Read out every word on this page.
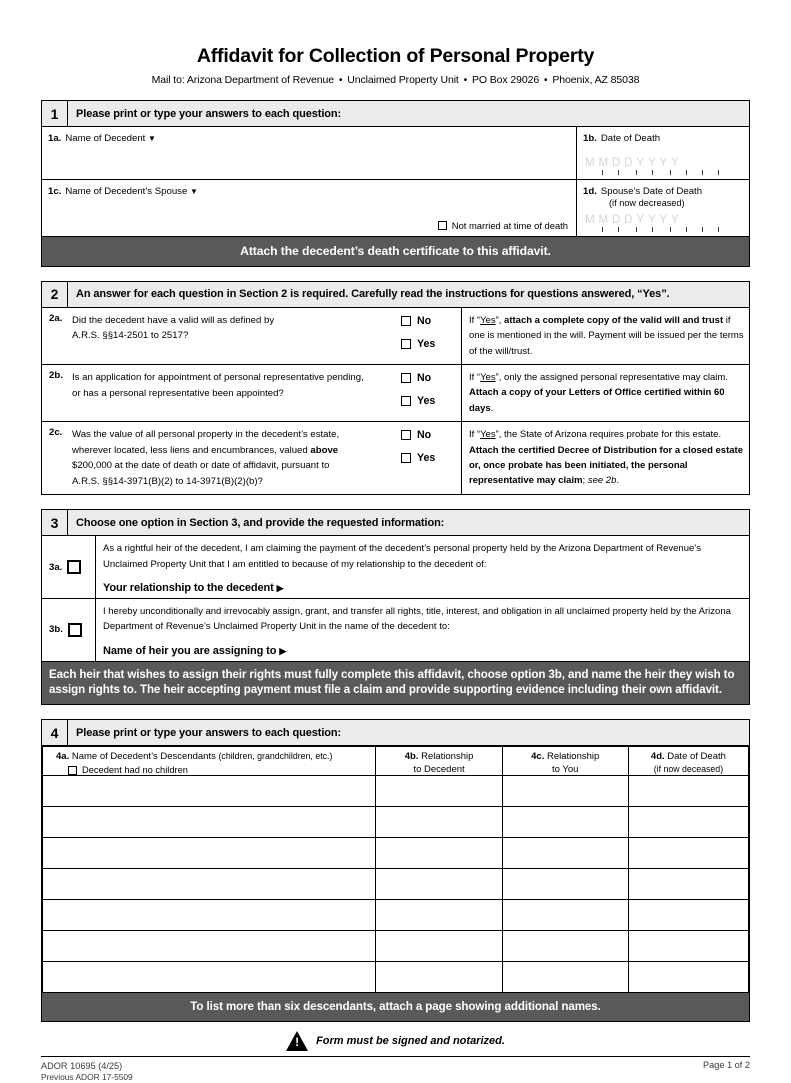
Affidavit for Collection of Personal Property
Mail to: Arizona Department of Revenue • Unclaimed Property Unit • PO Box 29026 • Phoenix, AZ 85038
1	Please print or type your answers to each question:
1a. Name of Decedent ▼	1b. Date of Death
MMDDYYYY
1c. Name of Decedent’s Spouse ▼
Not married at time of death
1d. Spouse’s Date of Death
(if now decreased)
MMDDYYYY
Attach the decedent’s death certificate to this affidavit.
2	An answer for each question in Section 2 is required. Carefully read the instructions for questions answered, “Yes”.
2a.	Did the decedent have a valid will as defined by
A.R.S. §§14-2501 to 2517?
No
Yes
If “Yes”, attach a complete copy of the valid will and trust if one is mentioned in the will. Payment will be issued per the terms of the will/trust.
2b. Is an application for appointment of personal representative pending,
or has a personal representative been appointed?
No
Yes
If “Yes”, only the assigned personal representative may claim. Attach a copy of your Letters of Office certified within 60 days.
2c.	Was the value of all personal property in the decedent’s estate,
wherever located, less liens and encumbrances, valued above
$200,000 at the date of death or date of affidavit, pursuant to
A.R.S. §§14-3971(B)(2) to 14-3971(B)(2)(b)?
No
Yes
If “Yes”, the State of Arizona requires probate for this estate. Attach the certified Decree of Distribution for a closed estate or, once probate has been initiated, the personal representative may claim; see 2b.
3	Choose one option in Section 3, and provide the requested information:
3a.
As a rightful heir of the decedent, I am claiming the payment of the decedent’s personal property held by the Arizona Department of Revenue’s Unclaimed Property Unit that I am entitled to because of my relationship to the decedent of:
Your relationship to the decedent ▶
3b.
I hereby unconditionally and irrevocably assign, grant, and transfer all rights, title, interest, and obligation in all unclaimed property held by the Arizona Department of Revenue’s Unclaimed Property Unit in the name of the decedent to:
Name of heir you are assigning to ▶
Each heir that wishes to assign their rights must fully complete this affidavit, choose option 3b, and name the heir they wish to
assign rights to. The heir accepting payment must file a claim and provide supporting evidence including their own affidavit.
4	Please print or type your answers to each question:
4a. Name of Decedent’s Descendants (children, grandchildren, etc.)
Decedent had no children
	4b. Relationship
to Decedent
	4c. Relationship
to You
	4d. Date of Death
(if now deceased)

To list more than six descendants, attach a page showing additional names.
! Form must be signed and notarized.
ADOR 10695 (4/25)
Previous ADOR 17-5509
Page 1 of 2
